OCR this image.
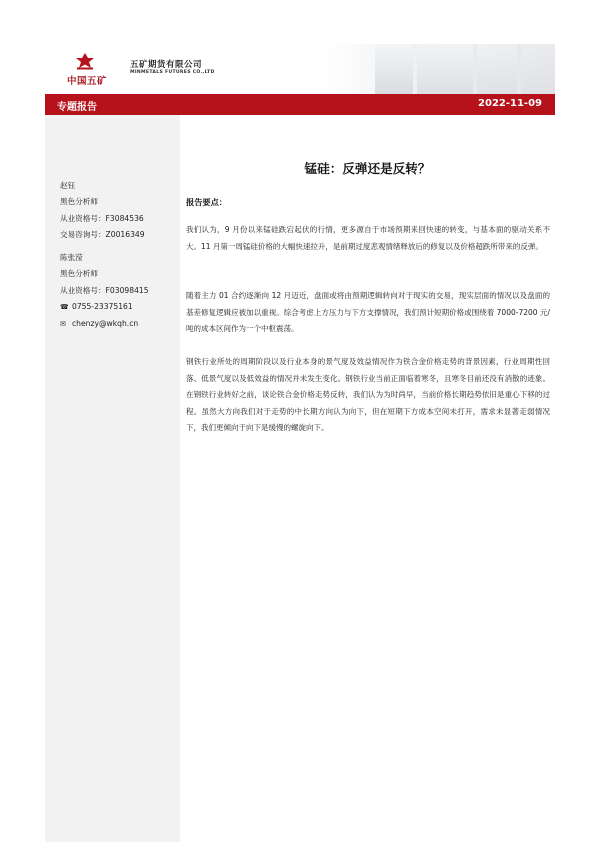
中国五矿
五矿期货有限公司
MINMETALS FUTURES CO.,LTD
专题报告	2022-11-09
赵钰
黑色分析师
从业资格号：F3084536
交易咨询号：Z0016349
陈张滢
黑色分析师
从业资格号：F03098415
☎ 0755-23375161
✉ chenzy@wkqh.cn
锰硅：反弹还是反转？
报告要点：

我们认为，9 月份以来锰硅跌宕起伏的行情，更多源自于市场预期来回快速的转变，与基本面的驱动关系不大。11 月第一周锰硅价格的大幅快速拉升，是前期过度悲观情绪释放后的修复以及价格超跌所带来的反弹。

随着主力 01 合约逐渐向 12 月迈近，盘面或将由预期逻辑转向对于现实的交易，现实层面的情况以及盘面的基差修复逻辑应被加以重视。综合考虑上方压力与下方支撑情况，我们预计短期价格或围绕着 7000-7200 元/吨的成本区间作为一个中枢震荡。

钢铁行业所处的周期阶段以及行业本身的景气度及效益情况作为铁合金价格走势的背景因素，行业周期性回落、低景气度以及低效益的情况并未发生变化。钢铁行业当前正面临着寒冬，且寒冬目前还没有消散的迹象。在钢铁行业转好之前，谈论铁合金价格走势反转，我们认为为时尚早，当前价格长期趋势依旧是重心下移的过程。虽然大方向我们对于走势的中长期方向认为向下，但在短期下方成本空间未打开，需求未显著走弱情况下，我们更倾向于向下是缓慢的螺旋向下。
